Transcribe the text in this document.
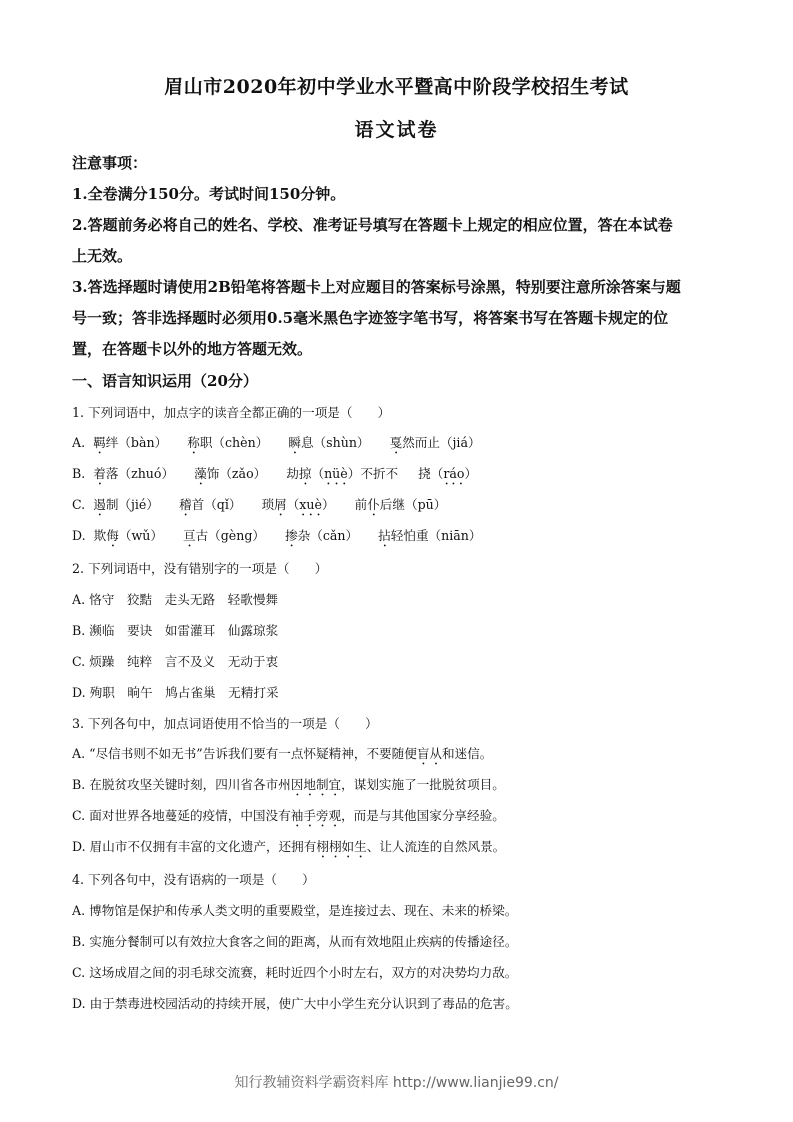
眉山市2020年初中学业水平暨高中阶段学校招生考试
语文试卷
注意事项：
1.全卷满分150分。考试时间150分钟。
2.答题前务必将自己的姓名、学校、准考证号填写在答题卡上规定的相应位置，答在本试卷
上无效。
3.答选择题时请使用2B铅笔将答题卡上对应题目的答案标号涂黑，特别要注意所涂答案与题
号一致；答非选择题时必须用0.5毫米黑色字迹签字笔书写，将答案书写在答题卡规定的位
置，在答题卡以外的地方答题无效。
一、语言知识运用（20分）
1. 下列词语中，加点字的读音全都正确的一项是（　　）
A. 羁绊（bàn） 称职（chèn） 瞬息（shùn） 戛然而止（jiá）
B. 着落（zhuó） 藻饰（zǎo） 劫掠（nüè）不折不 挠（ráo）
C. 遏制（jié） 稽首（qǐ） 琐屑（xuè） 前仆后继（pū）
D. 欺侮（wǔ） 亘古（gèng） 掺杂（cǎn） 拈轻怕重（niān）
2. 下列词语中，没有错别字的一项是（　　）
A. 恪守　狡黠　走头无路　轻歌慢舞
B. 濒临　要诀　如雷灌耳　仙露琼浆
C. 烦躁　纯粹　言不及义　无动于衷
D. 殉职　晌午　鸠占雀巢　无精打采
3. 下列各句中，加点词语使用不恰当的一项是（　　）
A. “尽信书则不如无书”告诉我们要有一点怀疑精神，不要随便盲从和迷信。
B. 在脱贫攻坚关键时刻，四川省各市州因地制宜，谋划实施了一批脱贫项目。
C. 面对世界各地蔓延的疫情，中国没有袖手旁观，而是与其他国家分享经验。
D. 眉山市不仅拥有丰富的文化遗产，还拥有栩栩如生、让人流连的自然风景。
4. 下列各句中，没有语病的一项是（　　）
A. 博物馆是保护和传承人类文明的重要殿堂，是连接过去、现在、未来的桥梁。
B. 实施分餐制可以有效拉大食客之间的距离，从而有效地阻止疾病的传播途径。
C. 这场成眉之间的羽毛球交流赛，耗时近四个小时左右，双方的对决势均力敌。
D. 由于禁毒进校园活动的持续开展，使广大中小学生充分认识到了毒品的危害。
知行教辅资料学霸资料库 http://www.lianjie99.cn/
